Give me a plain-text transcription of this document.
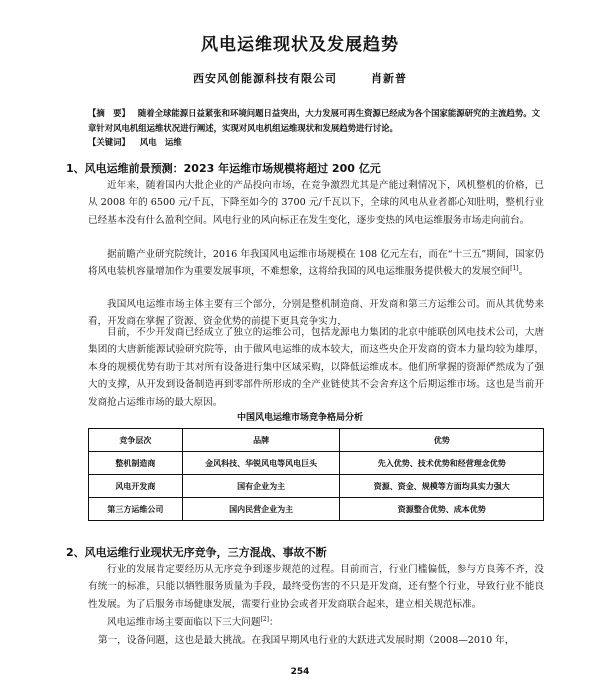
风电运维现状及发展趋势
西安风创能源科技有限公司	肖新普
【摘　要】 随着全球能源日益紧张和环境问题日益突出，大力发展可再生资源已经成为各个国家能源研究的主流趋势。文章针对风电机组运维状况进行阐述，实现对风电机组运维现状和发展趋势进行讨论。
【关键词】 风电　运维
1、风电运维前景预测：2023 年运维市场规模将超过 200 亿元
近年来，随着国内大批企业的产品投向市场，在竞争激烈尤其是产能过剩情况下，风机整机的价格，已从 2008 年的 6500 元/千瓦，下降至如今的 3700 元/千瓦以下，全球的风电从业者都心知肚明，整机行业已经基本没有什么盈利空间。风电行业的风向标正在发生变化，逐步变热的风电运维服务市场走向前台。
据前瞻产业研究院统计，2016 年我国风电运维市场规模在 108 亿元左右，而在“十三五”期间，国家仍将风电装机容量增加作为重要发展事项，不难想象，这将给我国的风电运维服务提供极大的发展空间[1]。
我国风电运维市场主体主要有三个部分，分别是整机制造商、开发商和第三方运维公司。而从其优势来看，开发商在掌握了资源、资金优势的前提下更具竞争实力，
目前，不少开发商已经成立了独立的运维公司，包括龙源电力集团的北京中能联创风电技术公司，大唐集团的大唐新能源试验研究院等，由于做风电运维的成本较大，而这些央企开发商的资本力量均较为雄厚，本身的规模优势有助于其对所有设备进行集中区域采购，以降低运维成本。他们所掌握的资源俨然成为了强大的支撑，从开发到设备制造再到零部件所形成的全产业链使其不会舍弃这个后期运维市场。这也是当前开发商抢占运维市场的最大原因。
中国风电运维市场竞争格局分析
竞争层次	品牌	优势
整机制造商	金风科技、华锐风电等风电巨头	先入优势、技术优势和经营理念优势
风电开发商	国有企业为主	资源、资金、规模等方面均具实力强大
第三方运维公司	国内民营企业为主	资源整合优势、成本优势
2、风电运维行业现状无序竞争，三方混战、事故不断
行业的发展肯定要经历从无序竞争到逐步规范的过程。目前而言，行业门槛偏低，参与方良莠不齐，没有统一的标准，只能以牺牲服务质量为手段，最终受伤害的不只是开发商，还有整个行业，导致行业不能良性发展。为了后服务市场健康发展，需要行业协会或者开发商联合起来，建立相关规范标准。
风电运维市场主要面临以下三大问题[2]：
第一，设备问题，这也是最大挑战。在我国早期风电行业的大跃进式发展时期（2008—2010 年，
254
